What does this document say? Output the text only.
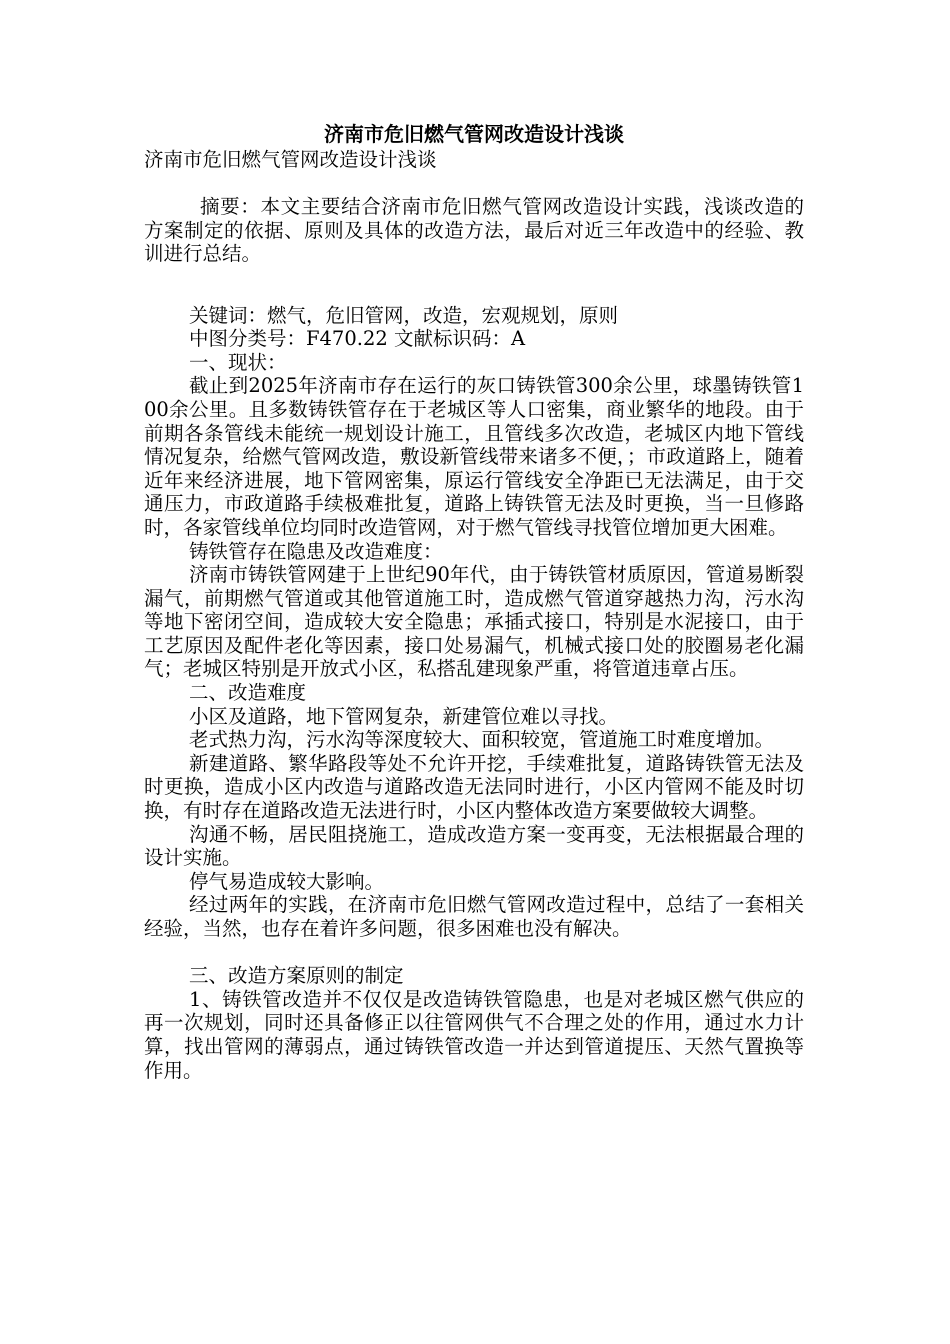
济南市危旧燃气管网改造设计浅谈

济南市危旧燃气管网改造设计浅谈

摘要：本文主要结合济南市危旧燃气管网改造设计实践，浅谈改造的方案制定的依据、原则及具体的改造方法，最后对近三年改造中的经验、教训进行总结。

关键词：燃气，危旧管网，改造，宏观规划，原则

中图分类号：F470.22 文献标识码：A

一、现状：

截止到2025年济南市存在运行的灰口铸铁管300余公里，球墨铸铁管100余公里。且多数铸铁管存在于老城区等人口密集，商业繁华的地段。由于前期各条管线未能统一规划设计施工，且管线多次改造，老城区内地下管线情况复杂，给燃气管网改造，敷设新管线带来诸多不便，；市政道路上，随着近年来经济进展，地下管网密集，原运行管线安全净距已无法满足，由于交通压力，市政道路手续极难批复，道路上铸铁管无法及时更换，当一旦修路时，各家管线单位均同时改造管网，对于燃气管线寻找管位增加更大困难。

铸铁管存在隐患及改造难度：

济南市铸铁管网建于上世纪90年代，由于铸铁管材质原因，管道易断裂漏气，前期燃气管道或其他管道施工时，造成燃气管道穿越热力沟，污水沟等地下密闭空间，造成较大安全隐患；承插式接口，特别是水泥接口，由于工艺原因及配件老化等因素，接口处易漏气，机械式接口处的胶圈易老化漏气；老城区特别是开放式小区，私搭乱建现象严重，将管道违章占压。

二、改造难度

小区及道路，地下管网复杂，新建管位难以寻找。

老式热力沟，污水沟等深度较大、面积较宽，管道施工时难度增加。

新建道路、繁华路段等处不允许开挖，手续难批复，道路铸铁管无法及时更换，造成小区内改造与道路改造无法同时进行，小区内管网不能及时切换，有时存在道路改造无法进行时，小区内整体改造方案要做较大调整。

沟通不畅，居民阻挠施工，造成改造方案一变再变，无法根据最合理的设计实施。

停气易造成较大影响。

经过两年的实践，在济南市危旧燃气管网改造过程中，总结了一套相关经验，当然，也存在着许多问题，很多困难也没有解决。

三、改造方案原则的制定

1、铸铁管改造并不仅仅是改造铸铁管隐患，也是对老城区燃气供应的再一次规划，同时还具备修正以往管网供气不合理之处的作用，通过水力计算，找出管网的薄弱点，通过铸铁管改造一并达到管道提压、天然气置换等作用。
